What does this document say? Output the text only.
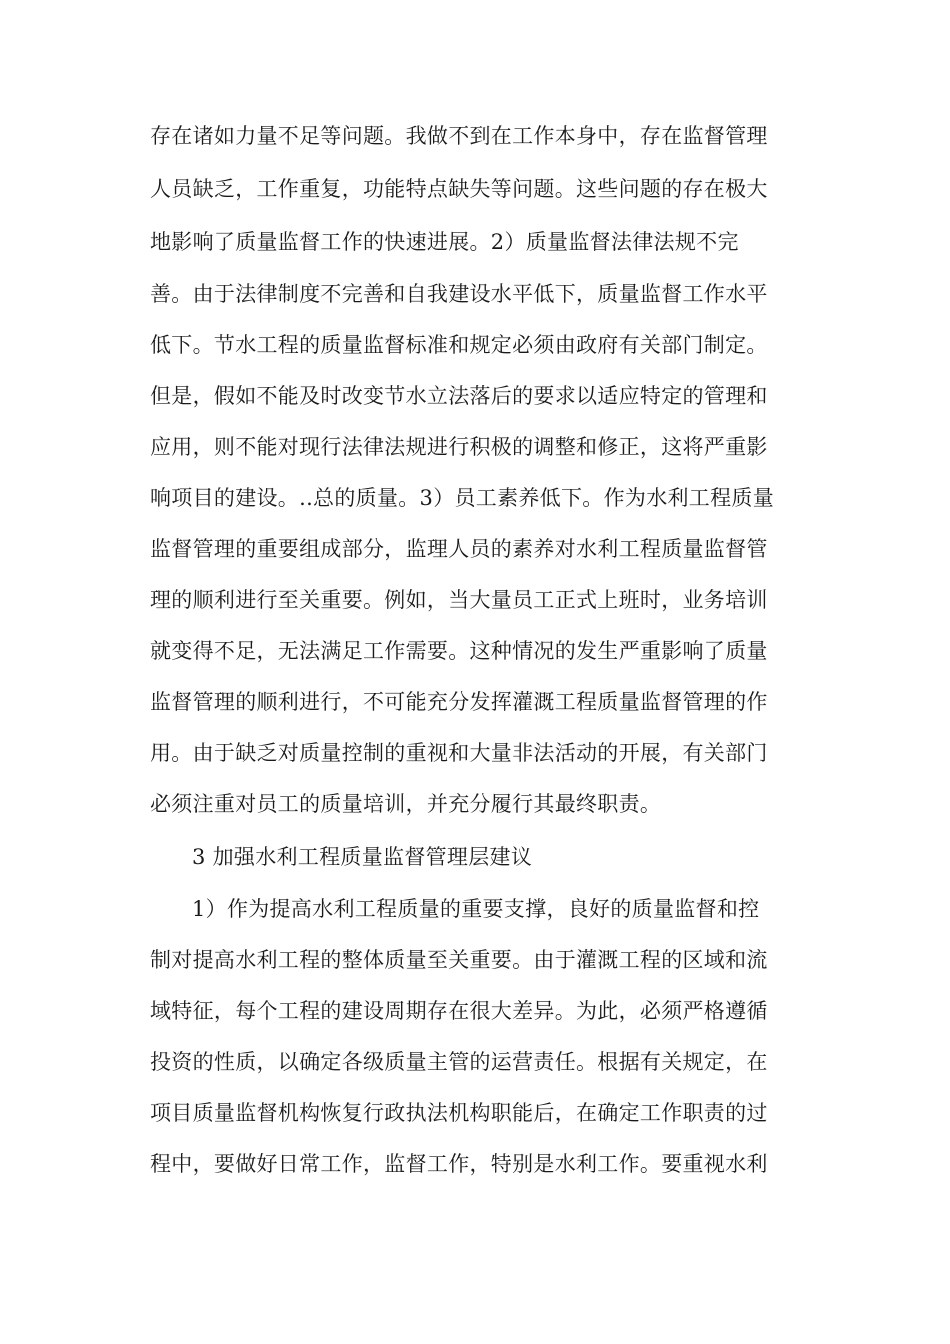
存在诸如力量不足等问题。我做不到在工作本身中，存在监督管理
人员缺乏，工作重复，功能特点缺失等问题。这些问题的存在极大
地影响了质量监督工作的快速进展。2）质量监督法律法规不完
善。由于法律制度不完善和自我建设水平低下，质量监督工作水平
低下。节水工程的质量监督标准和规定必须由政府有关部门制定。
但是，假如不能及时改变节水立法落后的要求以适应特定的管理和
应用，则不能对现行法律法规进行积极的调整和修正，这将严重影
响项目的建设。..总的质量。3）员工素养低下。作为水利工程质量
监督管理的重要组成部分，监理人员的素养对水利工程质量监督管
理的顺利进行至关重要。例如，当大量员工正式上班时，业务培训
就变得不足，无法满足工作需要。这种情况的发生严重影响了质量
监督管理的顺利进行，不可能充分发挥灌溉工程质量监督管理的作
用。由于缺乏对质量控制的重视和大量非法活动的开展，有关部门
必须注重对员工的质量培训，并充分履行其最终职责。
3 加强水利工程质量监督管理层建议
1）作为提高水利工程质量的重要支撑，良好的质量监督和控
制对提高水利工程的整体质量至关重要。由于灌溉工程的区域和流
域特征，每个工程的建设周期存在很大差异。为此，必须严格遵循
投资的性质，以确定各级质量主管的运营责任。根据有关规定，在
项目质量监督机构恢复行政执法机构职能后，在确定工作职责的过
程中，要做好日常工作，监督工作，特别是水利工作。要重视水利
